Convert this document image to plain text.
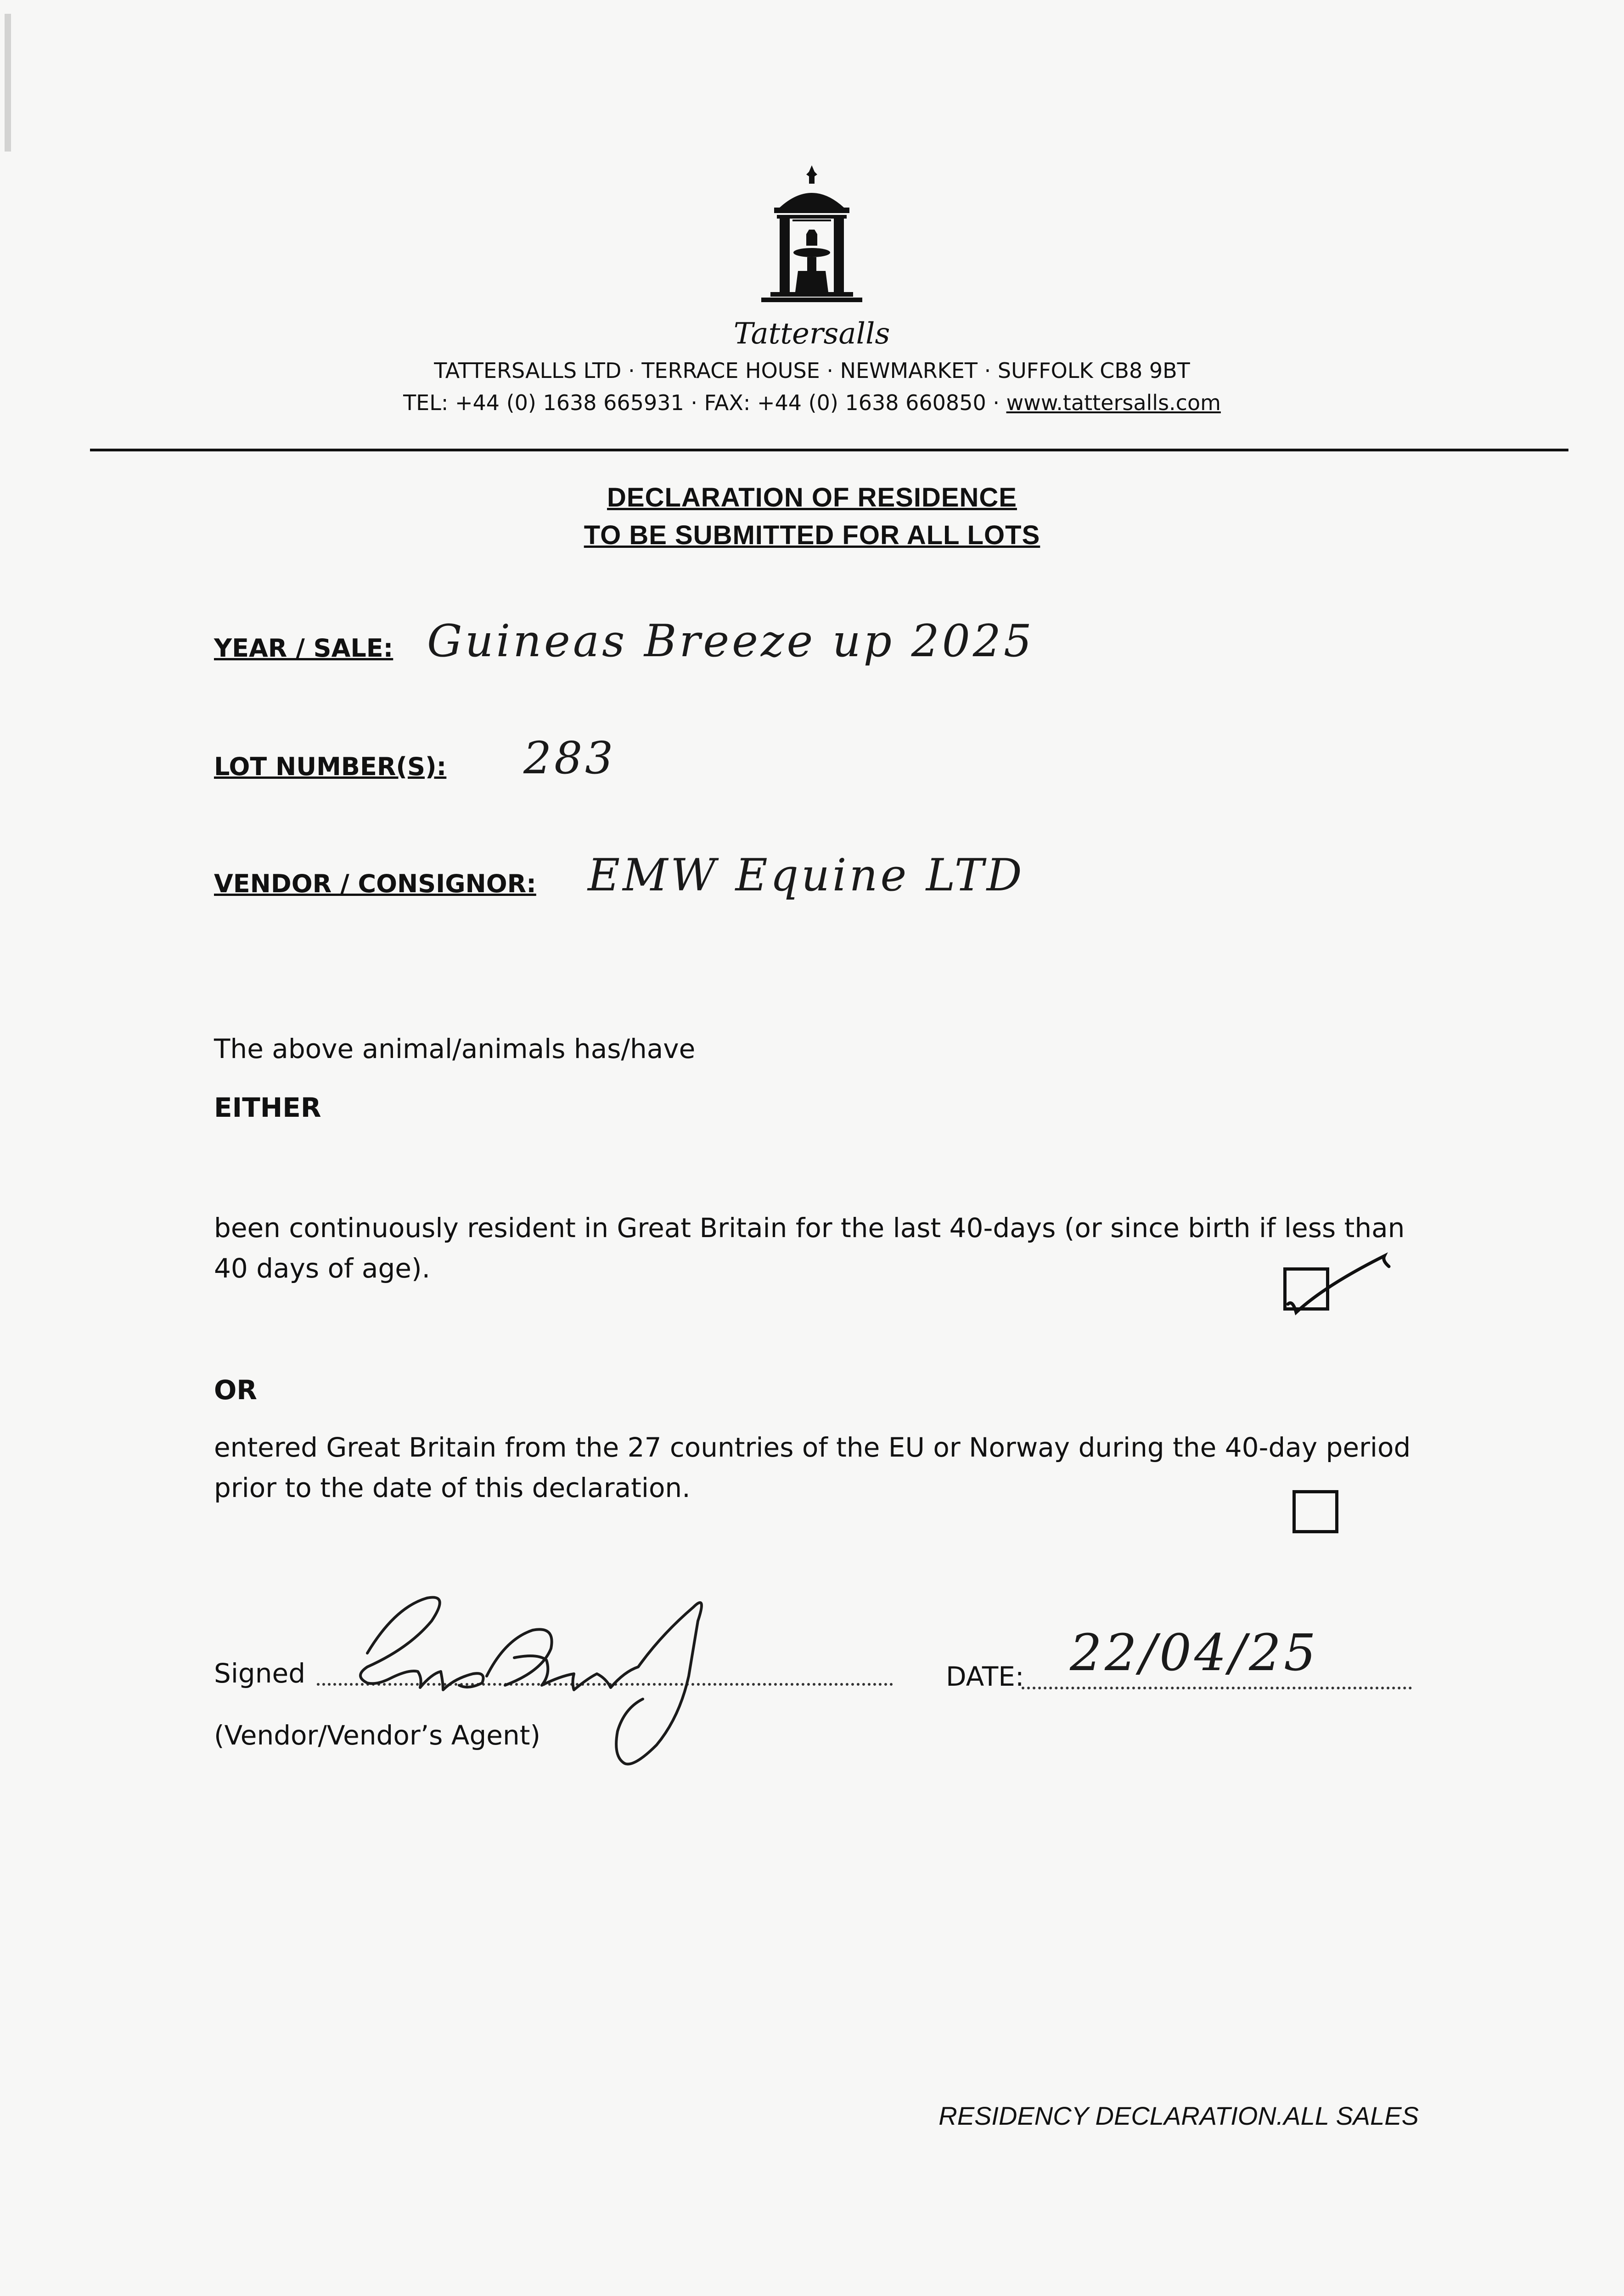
Tattersalls
TATTERSALLS LTD · TERRACE HOUSE · NEWMARKET · SUFFOLK CB8 9BT
TEL: +44 (0) 1638 665931 · FAX: +44 (0) 1638 660850 · www.tattersalls.com
DECLARATION OF RESIDENCE
TO BE SUBMITTED FOR ALL LOTS
YEAR / SALE: Guineas Breeze up 2025
LOT NUMBER(S): 283
VENDOR / CONSIGNOR: EMW Equine LTD
The above animal/animals has/have
EITHER
been continuously resident in Great Britain for the last 40-days (or since birth if less than 40 days of age).
OR
entered Great Britain from the 27 countries of the EU or Norway during the 40-day period prior to the date of this declaration.
Signed
(Vendor/Vendor’s Agent)
DATE: 22/04/25
RESIDENCY DECLARATION.ALL SALES
